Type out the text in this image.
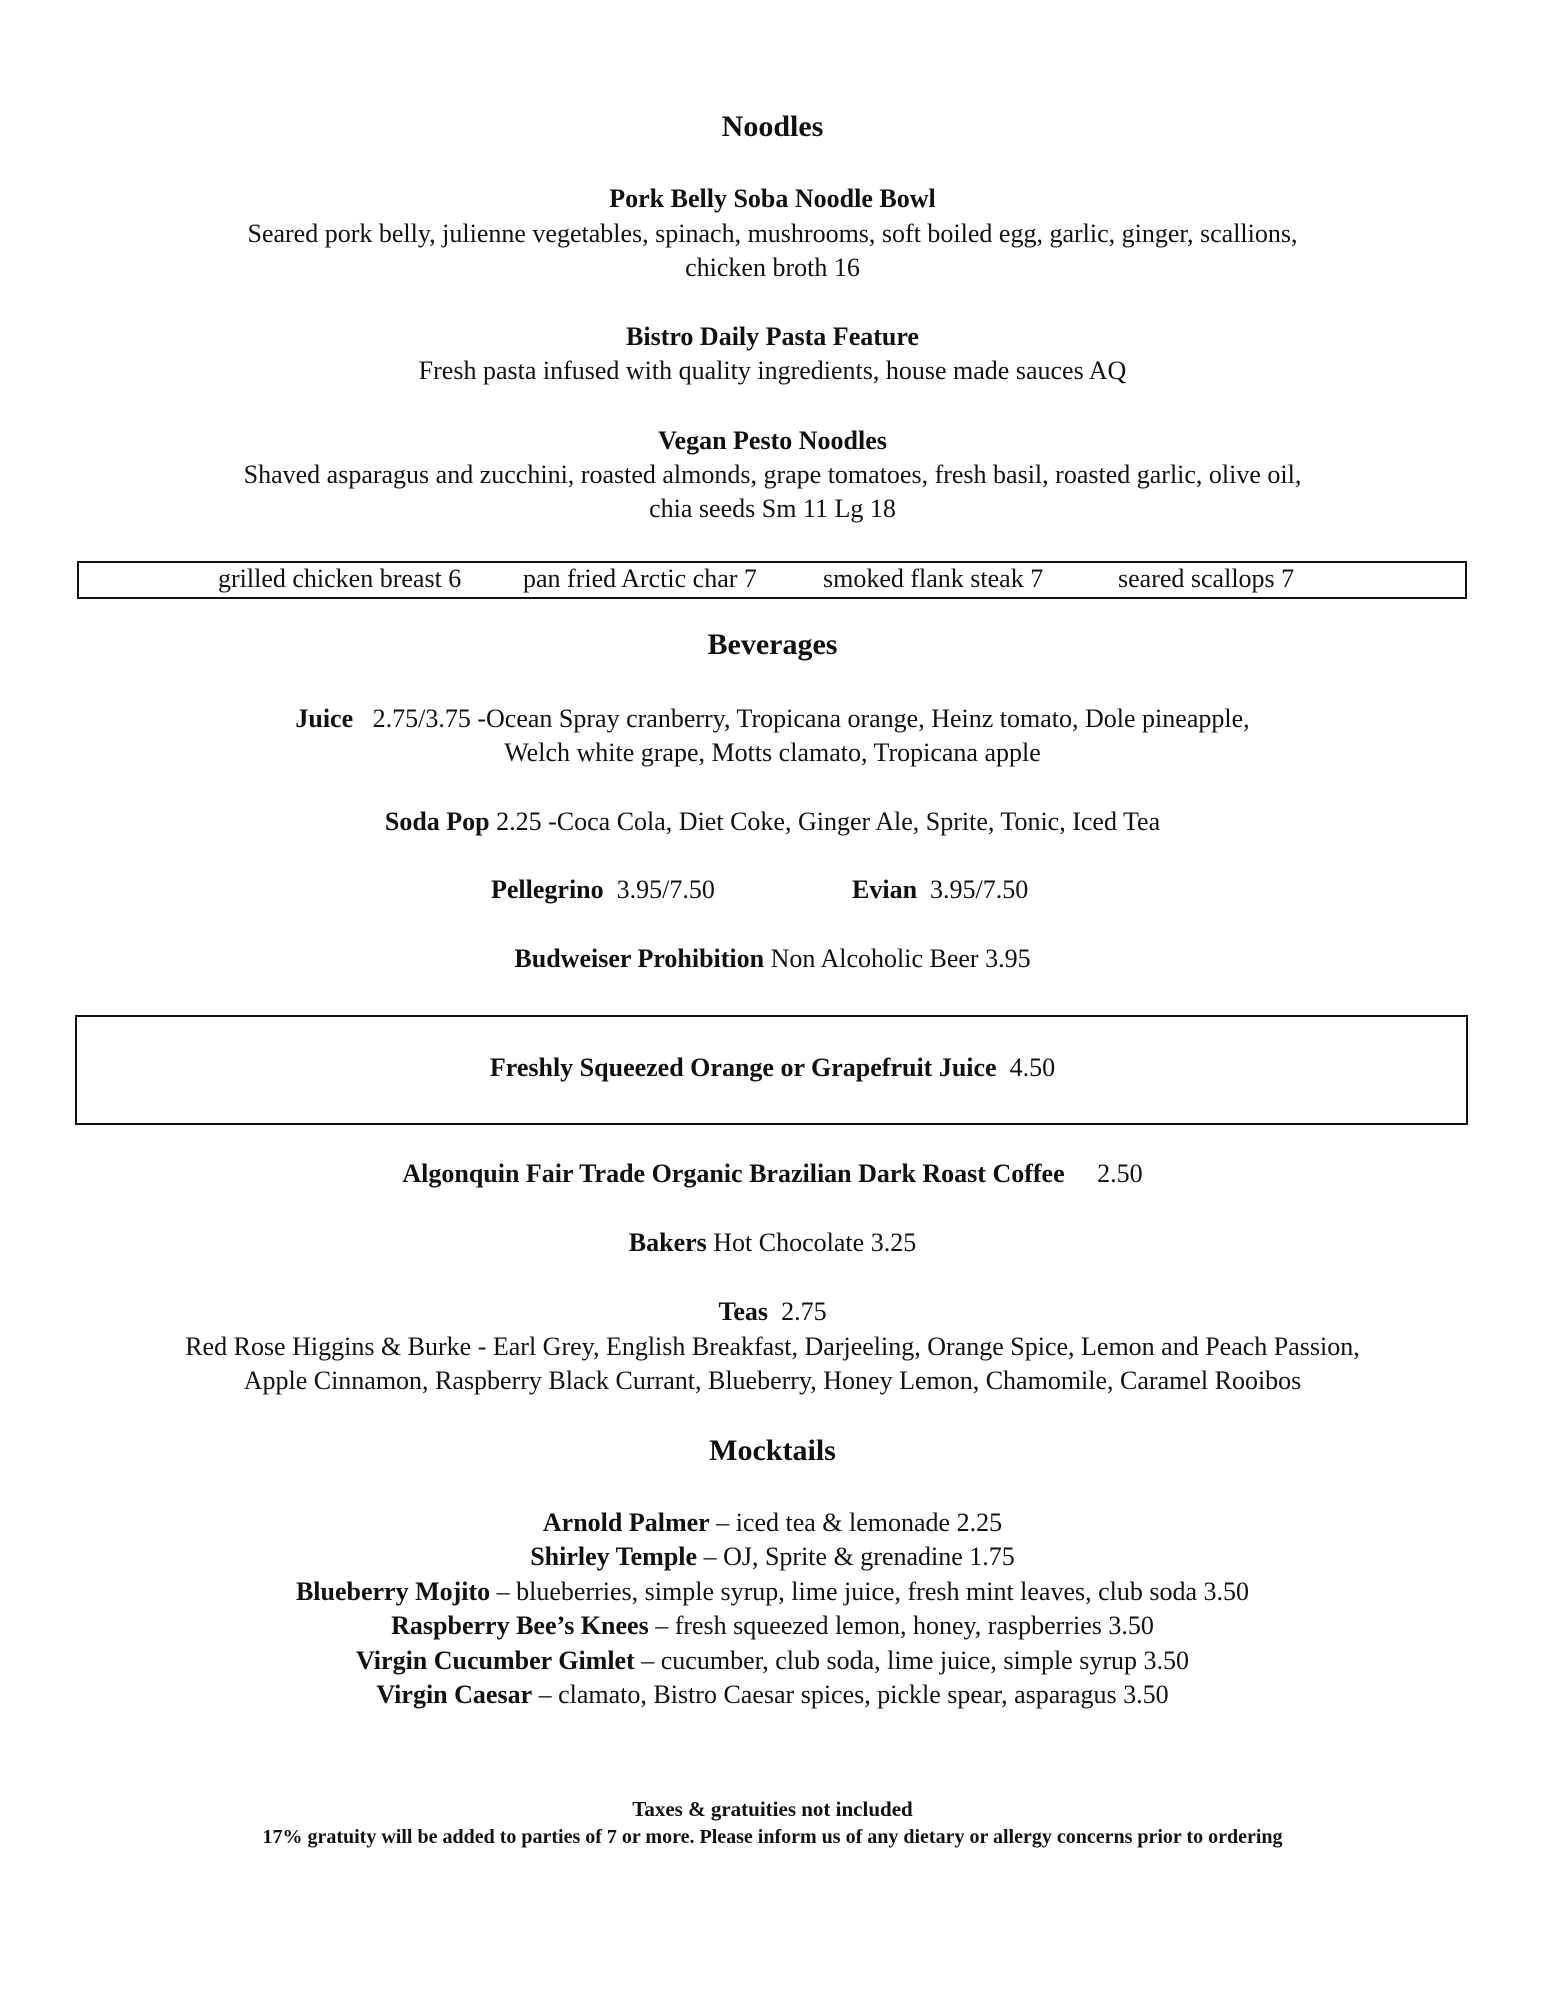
Noodles
Pork Belly Soba Noodle Bowl
Seared pork belly, julienne vegetables, spinach, mushrooms, soft boiled egg, garlic, ginger, scallions,
chicken broth 16
Bistro Daily Pasta Feature
Fresh pasta infused with quality ingredients, house made sauces AQ
Vegan Pesto Noodles
Shaved asparagus and zucchini, roasted almonds, grape tomatoes, fresh basil, roasted garlic, olive oil,
chia seeds Sm 11 Lg 18
grilled chicken breast 6 pan fried Arctic char 7	smoked flank steak 7	seared scallops 7
Beverages
Juice 2.75/3.75 -Ocean Spray cranberry, Tropicana orange, Heinz tomato, Dole pineapple,
Welch white grape, Motts clamato, Tropicana apple
Soda Pop 2.25 -Coca Cola, Diet Coke, Ginger Ale, Sprite, Tonic, Iced Tea
Pellegrino 3.95/7.50	Evian 3.95/7.50
Budweiser Prohibition Non Alcoholic Beer 3.95
Freshly Squeezed Orange or Grapefruit Juice 4.50
Algonquin Fair Trade Organic Brazilian Dark Roast Coffee 2.50
Bakers Hot Chocolate 3.25
Teas 2.75
Red Rose Higgins & Burke - Earl Grey, English Breakfast, Darjeeling, Orange Spice, Lemon and Peach Passion,
Apple Cinnamon, Raspberry Black Currant, Blueberry, Honey Lemon, Chamomile, Caramel Rooibos
Mocktails
Arnold Palmer – iced tea & lemonade 2.25
Shirley Temple – OJ, Sprite & grenadine 1.75
Blueberry Mojito – blueberries, simple syrup, lime juice, fresh mint leaves, club soda 3.50
Raspberry Bee’s Knees – fresh squeezed lemon, honey, raspberries 3.50
Virgin Cucumber Gimlet – cucumber, club soda, lime juice, simple syrup 3.50
Virgin Caesar – clamato, Bistro Caesar spices, pickle spear, asparagus 3.50
Taxes & gratuities not included
17% gratuity will be added to parties of 7 or more. Please inform us of any dietary or allergy concerns prior to ordering
